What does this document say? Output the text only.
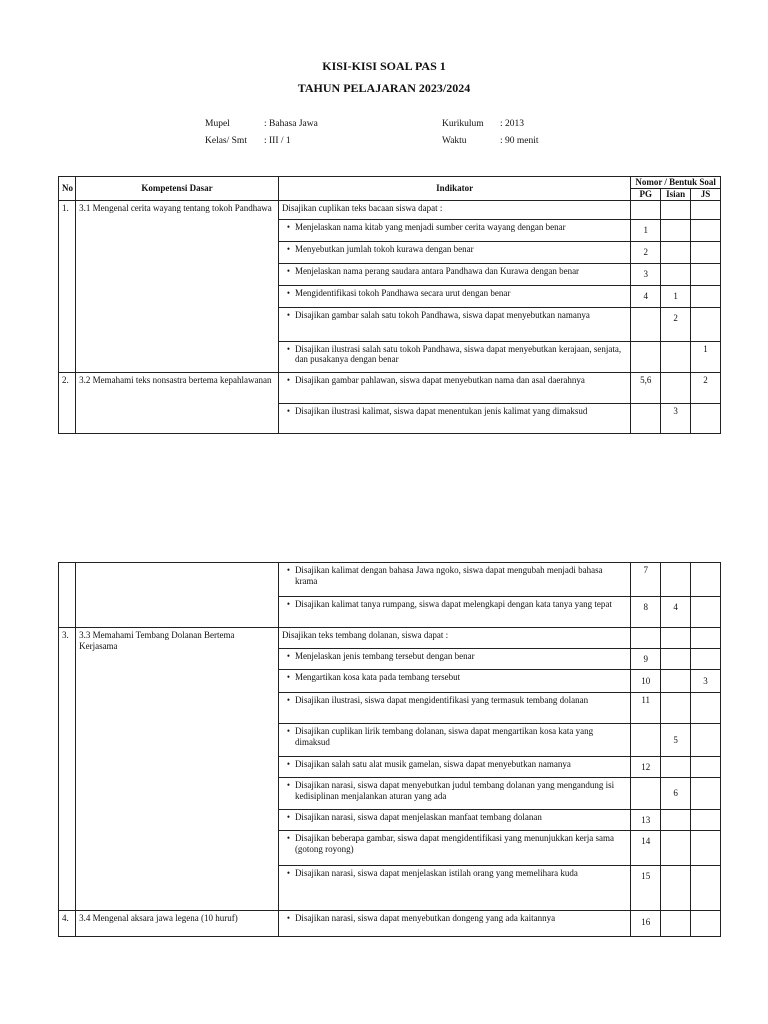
KISI-KISI SOAL PAS 1
TAHUN PELAJARAN 2023/2024
Mupel	: Bahasa Jawa
Kelas/ Smt : III / 1
Kurikulum : 2013
Waktu	: 90 menit
No	Kompetensi Dasar	Indikator	Nomor / Bentuk Soal		
			PG	Isian	JS
1.	3.1 Mengenal cerita wayang tentang tokoh Pandhawa	Disajikan cuplikan teks bacaan siswa dapat :			

		• Menjelaskan nama kitab yang menjadi sumber cerita wayang dengan benar	1		

		• Menyebutkan jumlah tokoh kurawa dengan benar	2		

		• Menjelaskan nama perang saudara antara Pandhawa dan Kurawa dengan benar	3		

		• Mengidentifikasi tokoh Pandhawa secara urut dengan benar	4	1	

		• Disajikan gambar salah satu tokoh Pandhawa, siswa dapat menyebutkan namanya		2	

		• Disajikan ilustrasi salah satu tokoh Pandhawa, siswa dapat menyebutkan kerajaan, senjata, dan pusakanya dengan benar			1
2.	3.2 Memahami teks nonsastra bertema kepahlawanan	• Disajikan gambar pahlawan, siswa dapat menyebutkan nama dan asal daerahnya	5,6		2

		• Disajikan ilustrasi kalimat, siswa dapat menentukan jenis kalimat yang dimaksud		3	

		• Disajikan kalimat dengan bahasa Jawa ngoko, siswa dapat mengubah menjadi bahasa krama	7		

		• Disajikan kalimat tanya rumpang, siswa dapat melengkapi dengan kata tanya yang tepat	8	4	
3.	3.3 Memahami Tembang Dolanan Bertema Kerjasama	Disajikan teks tembang dolanan, siswa dapat :			

		• Menjelaskan jenis tembang tersebut dengan benar	9		

		• Mengartikan kosa kata pada tembang tersebut	10		3

		• Disajikan ilustrasi, siswa dapat mengidentifikasi yang termasuk tembang dolanan	11		

		• Disajikan cuplikan lirik tembang dolanan, siswa dapat mengartikan kosa kata yang dimaksud		5	

		• Disajikan salah satu alat musik gamelan, siswa dapat menyebutkan namanya	12		

		• Disajikan narasi, siswa dapat menyebutkan judul tembang dolanan yang mengandung isi kedisiplinan menjalankan aturan yang ada		6	

		• Disajikan narasi, siswa dapat menjelaskan manfaat tembang dolanan	13		

		• Disajikan beberapa gambar, siswa dapat mengidentifikasi yang menunjukkan kerja sama (gotong royong)	14		

		• Disajikan narasi, siswa dapat menjelaskan istilah orang yang memelihara kuda	15		
4.	3.4 Mengenal aksara jawa legena (10 huruf)	• Disajikan narasi, siswa dapat menyebutkan dongeng yang ada kaitannya	16		
